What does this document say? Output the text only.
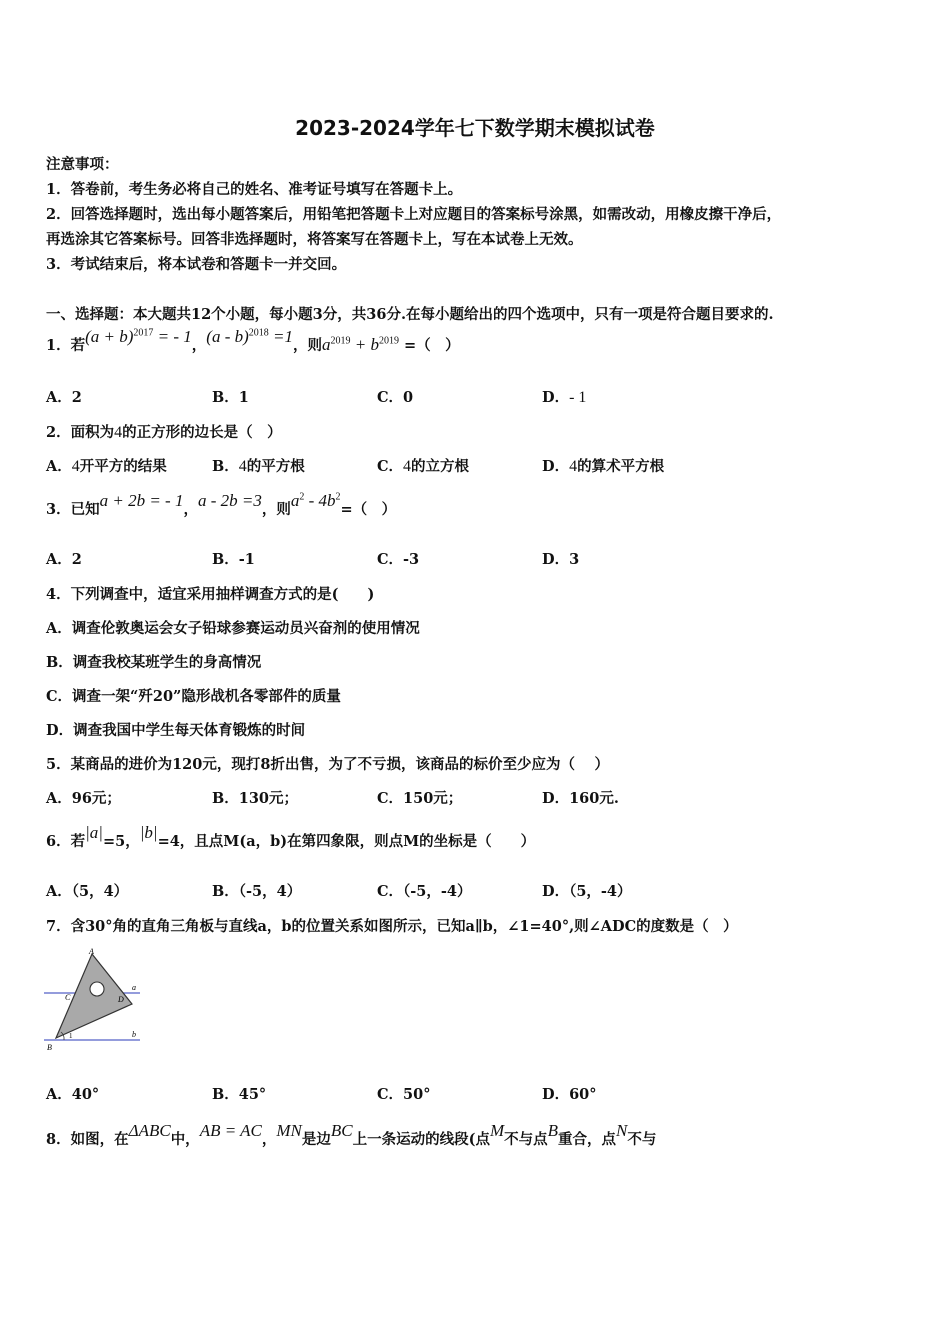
2023-2024学年七下数学期末模拟试卷
注意事项：
1．答卷前，考生务必将自己的姓名、准考证号填写在答题卡上。
2．回答选择题时，选出每小题答案后，用铅笔把答题卡上对应题目的答案标号涂黑，如需改动，用橡皮擦干净后，
再选涂其它答案标号。回答非选择题时，将答案写在答题卡上，写在本试卷上无效。
3．考试结束后，将本试卷和答题卡一并交回。
一、选择题：本大题共12个小题，每小题3分，共36分.在每小题给出的四个选项中，只有一项是符合题目要求的.
1．若$(a + b)^{2017}$ = - 1，(a - b)$^{2018}$ =1，则$a^{2019} + b^{2019}$ =（　）
A．2	B．1	C．0	D．- 1
2．面积为4的正方形的边长是（　）
A．4开平方的结果	B．4的平方根	C．4的立方根	D．4的算术平方根
3．已知a + 2b = - 1，a - 2b =3，则$a^2 - 4b^2=$（　）
A．2	B．-1	C．-3	D．3
4．下列调查中，适宜采用抽样调查方式的是(　　)
A．调查伦敦奥运会女子铅球参赛运动员兴奋剂的使用情况
B．调查我校某班学生的身高情况
C．调查一架“歼20”隐形战机各零部件的质量
D．调查我国中学生每天体育锻炼的时间
5．某商品的进价为120元，现打8折出售，为了不亏损，该商品的标价至少应为（　 ）
A．96元；	B．130元；	C．150元；	D．160元.
6．若|a|=5，|b|=4，且点M(a，b)在第四象限，则点M的坐标是（　　）
A．（5，4）	B．（-5，4）	C．（-5，-4）	D．（5，-4）
7．含30°角的直角三角板与直线a，b的位置关系如图所示，已知a∥b，∠1=40°,则∠ADC的度数是（　）
A
C	D
a
b
B
1
A．40°	B．45°	C．50°	D．60°
8．如图，在ΔABC中，AB = AC，MN是边BC上一条运动的线段(点M不与点B重合，点N不与
